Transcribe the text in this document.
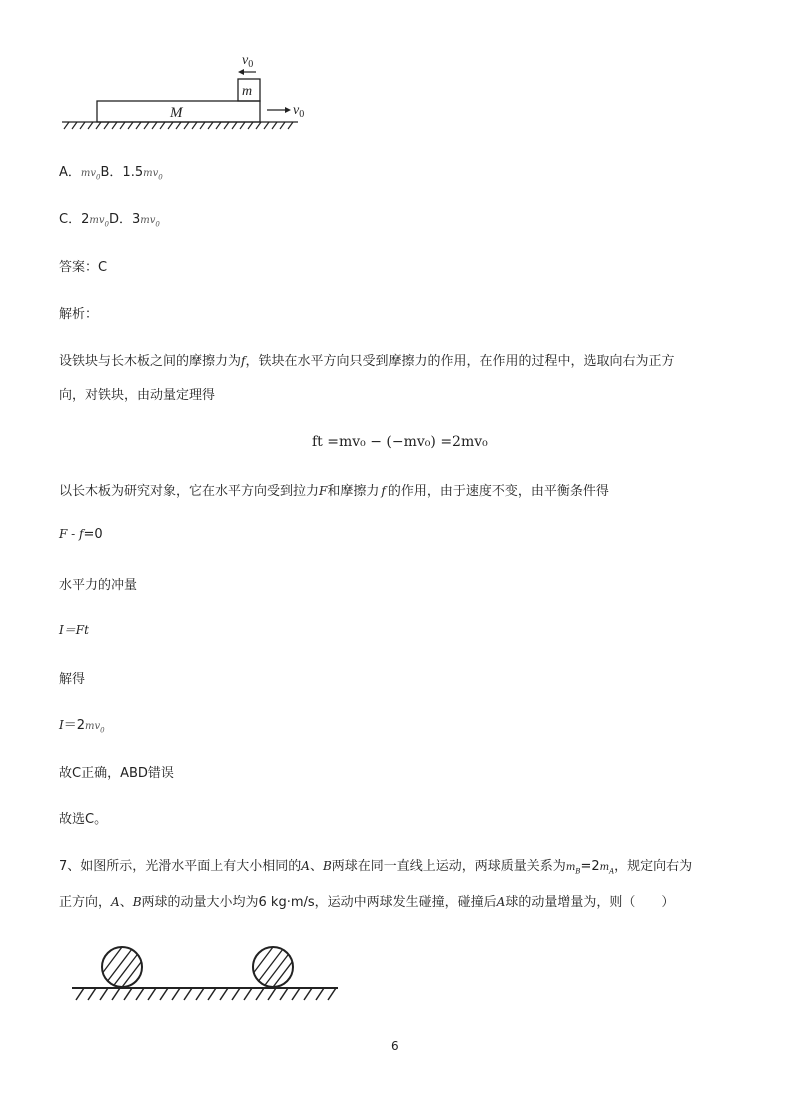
M
m
$v_0$
$v_0$
A．$mv_0B$．$1.5mv_0$
C．$2mv_0D$．$3mv_0$
答案：C
解析：
设铁块与长木板之间的摩擦力为f，铁块在水平方向只受到摩擦力的作用，在作用的过程中，选取向右为正方
向，对铁块，由动量定理得
ft =mv₀ − (−mv₀) =2mv₀
以长木板为研究对象，它在水平方向受到拉力F和摩擦力 f 的作用，由于速度不变，由平衡条件得
F - f=0
水平力的冲量
I＝Ft
解得
$I=2mv_0$
故C正确，ABD错误
故选C。
7、如图所示，光滑水平面上有大小相同的A、B两球在同一直线上运动，两球质量关系为$m_B=2m_A$，规定向右为
正方向，A、B两球的动量大小均为6 kg·m/s，运动中两球发生碰撞，碰撞后A球的动量增量为，则（　　）
6
